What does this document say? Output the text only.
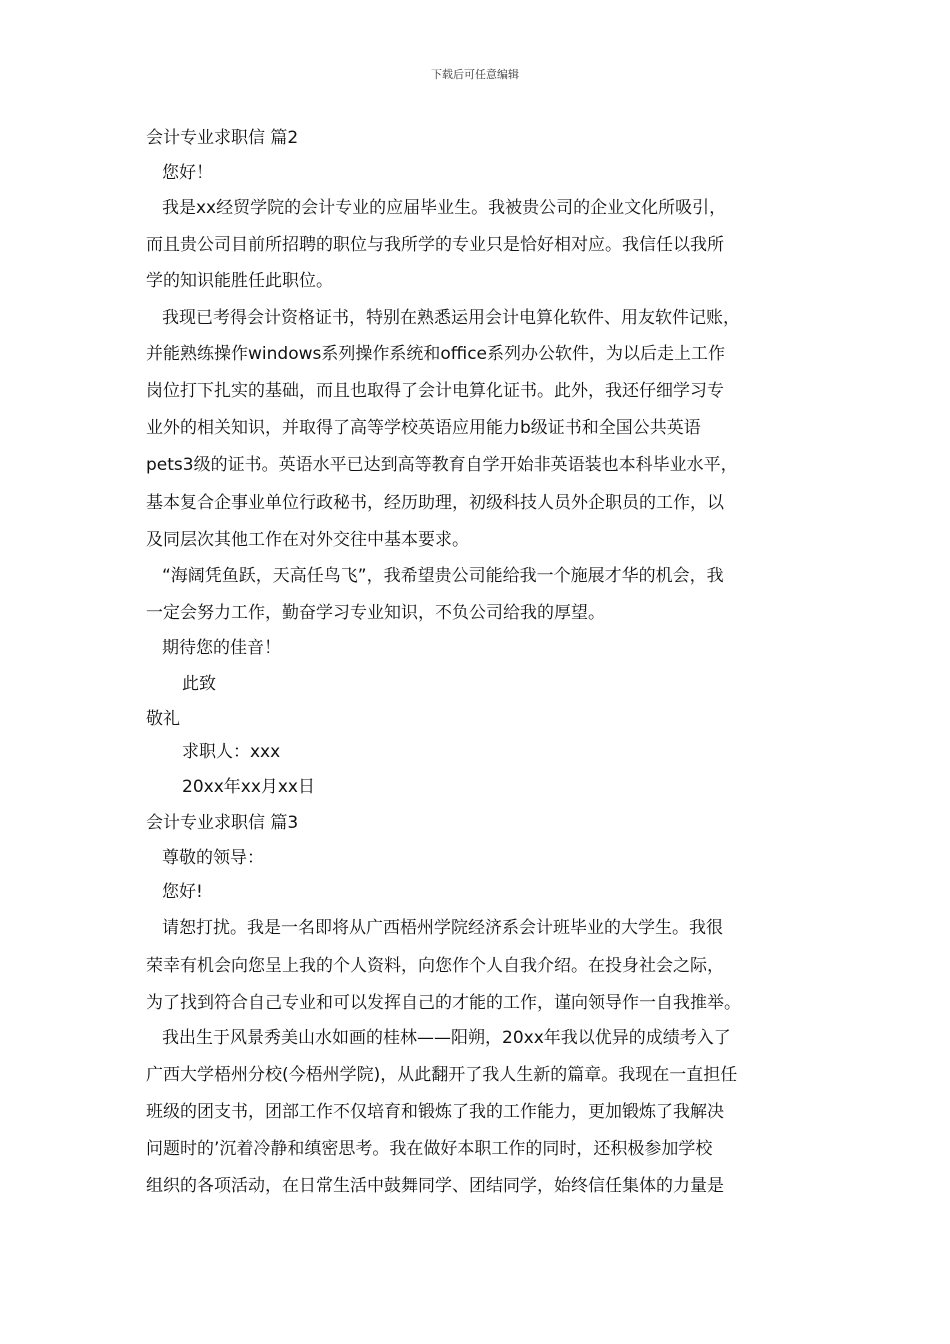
下载后可任意编辑
会计专业求职信 篇2
您好！
我是xx经贸学院的会计专业的应届毕业生。我被贵公司的企业文化所吸引，
而且贵公司目前所招聘的职位与我所学的专业只是恰好相对应。我信任以我所
学的知识能胜任此职位。
我现已考得会计资格证书，特别在熟悉运用会计电算化软件、用友软件记账，
并能熟练操作windows系列操作系统和office系列办公软件，为以后走上工作
岗位打下扎实的基础，而且也取得了会计电算化证书。此外，我还仔细学习专
业外的相关知识，并取得了高等学校英语应用能力b级证书和全国公共英语
pets3级的证书。英语水平已达到高等教育自学开始非英语装也本科毕业水平，
基本复合企事业单位行政秘书，经历助理，初级科技人员外企职员的工作，以
及同层次其他工作在对外交往中基本要求。
“海阔凭鱼跃，天高任鸟飞”，我希望贵公司能给我一个施展才华的机会，我
一定会努力工作，勤奋学习专业知识，不负公司给我的厚望。
期待您的佳音！
此致
敬礼
求职人：xxx
20xx年xx月xx日
会计专业求职信 篇3
尊敬的领导：
您好!
请恕打扰。我是一名即将从广西梧州学院经济系会计班毕业的大学生。我很
荣幸有机会向您呈上我的个人资料，向您作个人自我介绍。在投身社会之际，
为了找到符合自己专业和可以发挥自己的才能的工作，谨向领导作一自我推举。
我出生于风景秀美山水如画的桂林——阳朔，20xx年我以优异的成绩考入了
广西大学梧州分校(今梧州学院)，从此翻开了我人生新的篇章。我现在一直担任
班级的团支书，团部工作不仅培育和锻炼了我的工作能力，更加锻炼了我解决
问题时的’沉着冷静和缜密思考。我在做好本职工作的同时，还积极参加学校
组织的各项活动，在日常生活中鼓舞同学、团结同学，始终信任集体的力量是
